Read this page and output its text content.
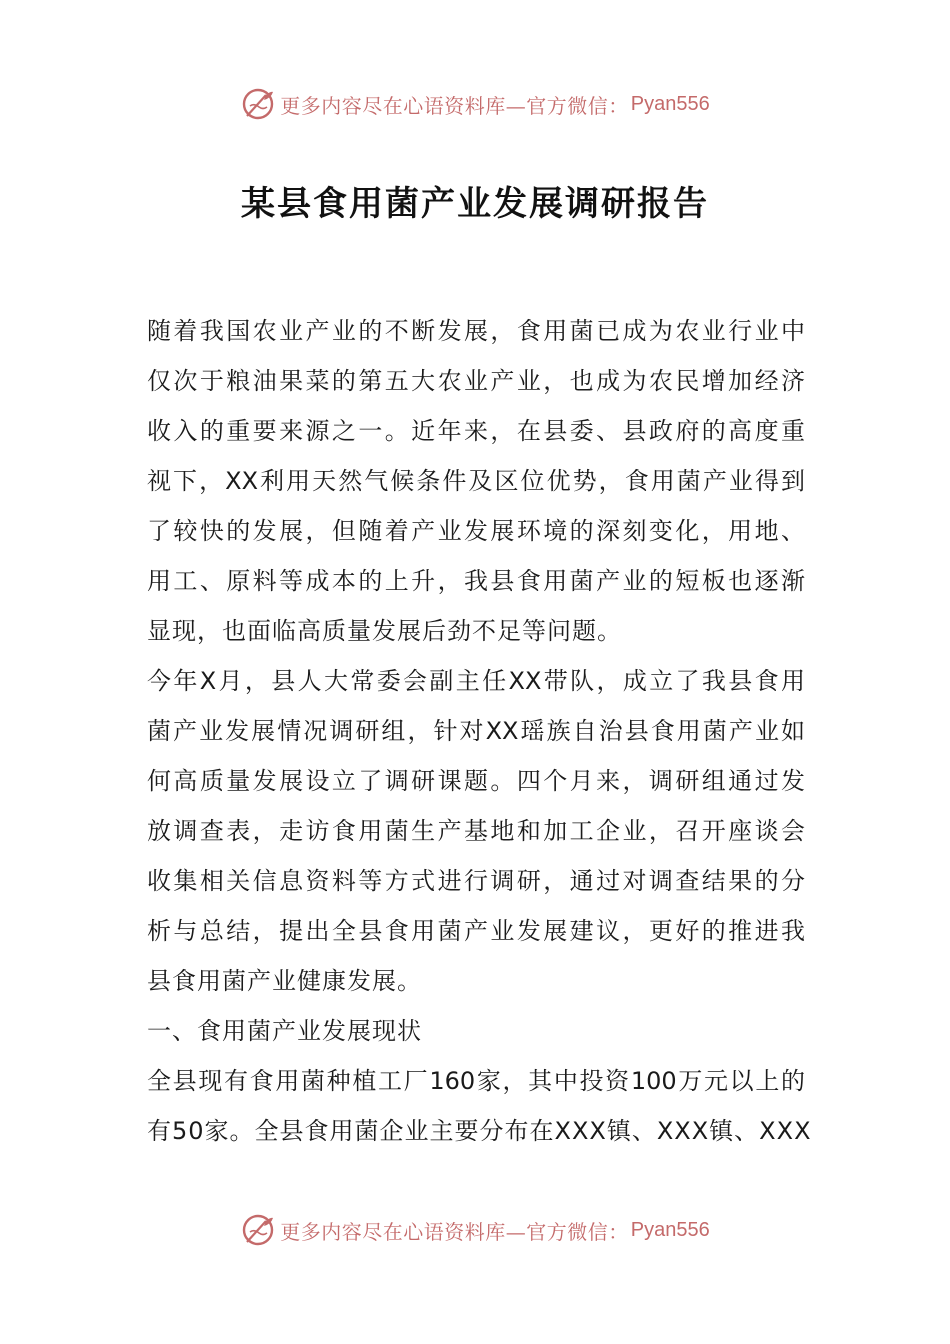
更多内容尽在心语资料库—官方微信： Pyan556
某县食用菌产业发展调研报告
随着我国农业产业的不断发展，食用菌已成为农业行业中
仅次于粮油果菜的第五大农业产业，也成为农民增加经济
收入的重要来源之一。近年来，在县委、县政府的高度重
视下，XX利用天然气候条件及区位优势，食用菌产业得到
了较快的发展，但随着产业发展环境的深刻变化，用地、
用工、原料等成本的上升，我县食用菌产业的短板也逐渐
显现，也面临高质量发展后劲不足等问题。
今年X月，县人大常委会副主任XX带队，成立了我县食用
菌产业发展情况调研组，针对XX瑶族自治县食用菌产业如
何高质量发展设立了调研课题。四个月来，调研组通过发
放调查表，走访食用菌生产基地和加工企业，召开座谈会
收集相关信息资料等方式进行调研，通过对调查结果的分
析与总结，提出全县食用菌产业发展建议，更好的推进我
县食用菌产业健康发展。
一、食用菌产业发展现状
全县现有食用菌种植工厂160家，其中投资100万元以上的
有50家。全县食用菌企业主要分布在XXX镇、XXX镇、XXX
更多内容尽在心语资料库—官方微信： Pyan556
